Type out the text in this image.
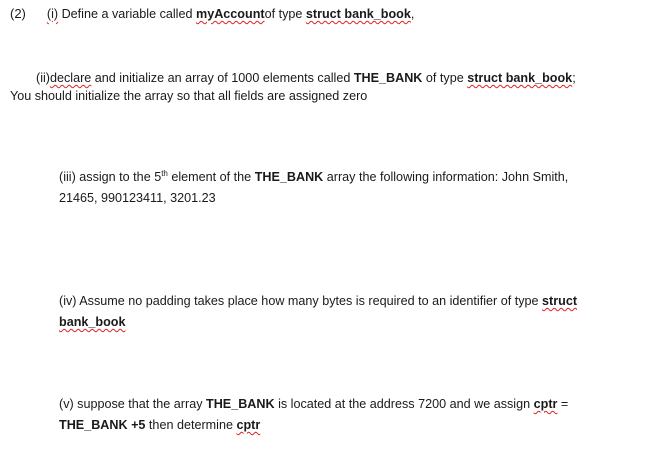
(2) (i) Define a variable called myAccountof type struct bank_book,
(ii)declare and initialize an array of 1000 elements called THE_BANK of type struct bank_book;
You should initialize the array so that all fields are assigned zero
(iii) assign to the 5th element of the THE_BANK array the following information: John Smith,
21465, 990123411, 3201.23
(iv) Assume no padding takes place how many bytes is required to an identifier of type struct
bank_book
(v) suppose that the array THE_BANK is located at the address 7200 and we assign cptr =
THE_BANK +5 then determine cptr
